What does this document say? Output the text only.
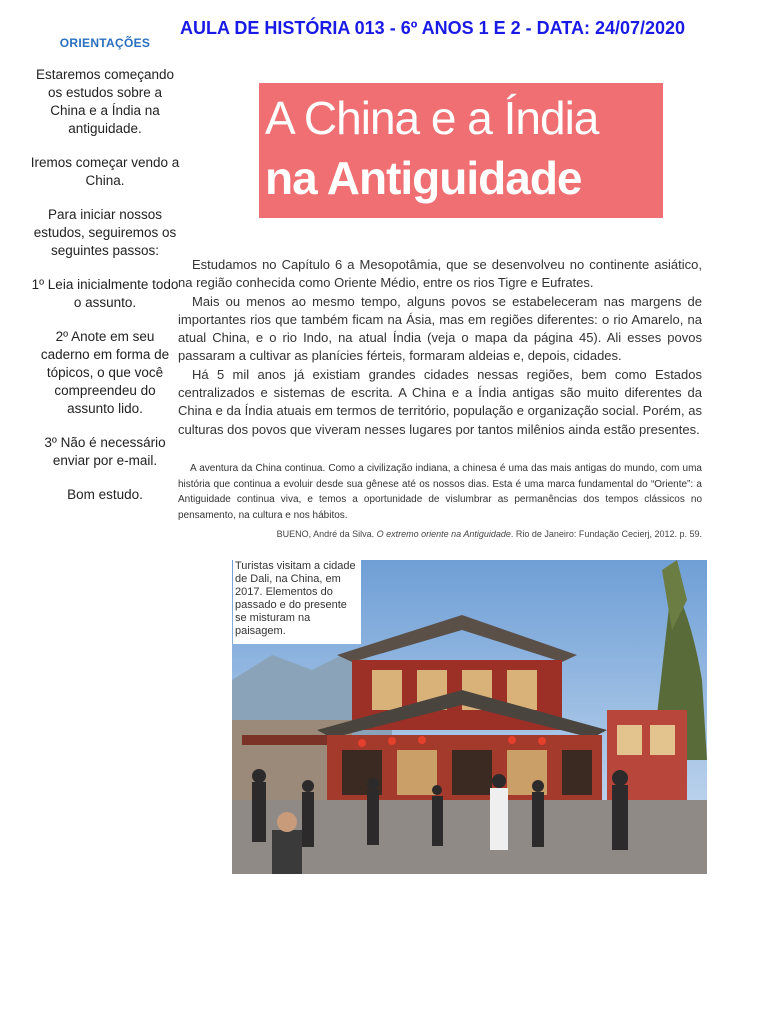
AULA DE HISTÓRIA 013 - 6º ANOS 1 E 2 - DATA: 24/07/2020
ORIENTAÇÕES

Estaremos começando os estudos sobre a China e a Índia na antiguidade.

Iremos começar vendo a China.

Para iniciar nossos estudos, seguiremos os seguintes passos:

1º Leia inicialmente todo o assunto.

2º Anote em seu caderno em forma de tópicos, o que você compreendeu do assunto lido.

3º Não é necessário enviar por e-mail.

Bom estudo.

A China e a Índia
na Antiguidade

Estudamos no Capítulo 6 a Mesopotâmia, que se desenvolveu no continente asiático, na região conhecida como Oriente Médio, entre os rios Tigre e Eufrates.

Mais ou menos ao mesmo tempo, alguns povos se estabeleceram nas margens de importantes rios que também ficam na Ásia, mas em regiões diferentes: o rio Amarelo, na atual China, e o rio Indo, na atual Índia (veja o mapa da página 45). Ali esses povos passaram a cultivar as planícies férteis, formaram aldeias e, depois, cidades.

Há 5 mil anos já existiam grandes cidades nessas regiões, bem como Estados centralizados e sistemas de escrita. A China e a Índia antigas são muito diferentes da China e da Índia atuais em termos de território, população e organização social. Porém, as culturas dos povos que viveram nesses lugares por tantos milênios ainda estão presentes.

A aventura da China continua. Como a civilização indiana, a chinesa é uma das mais antigas do mundo, com uma história que continua a evoluir desde sua gênese até os nossos dias. Esta é uma marca fundamental do “Oriente”: a Antiguidade continua viva, e temos a oportunidade de vislumbrar as permanências dos tempos clássicos no pensamento, na cultura e nos hábitos.

BUENO, André da Silva. O extremo oriente na Antiguidade. Rio de Janeiro: Fundação Cecierj, 2012. p. 59.
Turistas visitam a cidade de Dali, na China, em 2017. Elementos do passado e do presente se misturam na paisagem.
